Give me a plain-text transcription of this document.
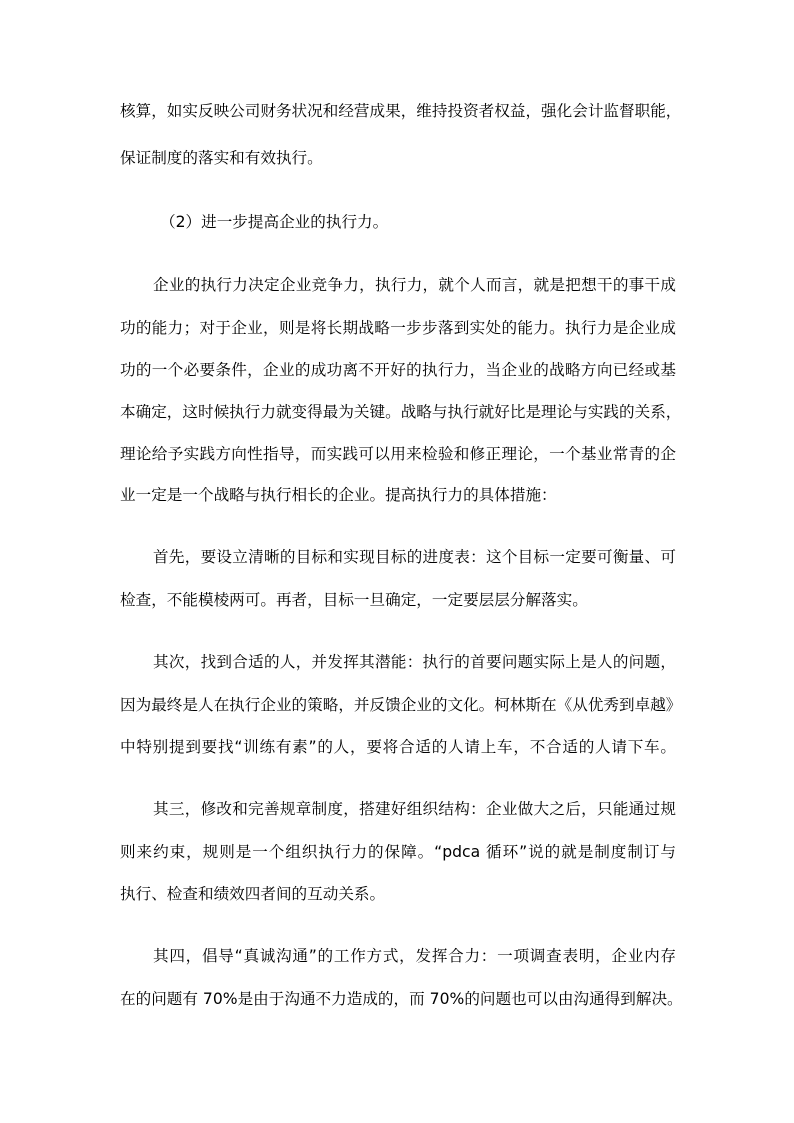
核算，如实反映公司财务状况和经营成果，维持投资者权益，强化会计监督职能，
保证制度的落实和有效执行。
（2）进一步提高企业的执行力。
企业的执行力决定企业竞争力，执行力，就个人而言，就是把想干的事干成
功的能力；对于企业，则是将长期战略一步步落到实处的能力。执行力是企业成
功的一个必要条件，企业的成功离不开好的执行力，当企业的战略方向已经或基
本确定，这时候执行力就变得最为关键。战略与执行就好比是理论与实践的关系，
理论给予实践方向性指导，而实践可以用来检验和修正理论，一个基业常青的企
业一定是一个战略与执行相长的企业。提高执行力的具体措施：
首先，要设立清晰的目标和实现目标的进度表：这个目标一定要可衡量、可
检查，不能模棱两可。再者，目标一旦确定，一定要层层分解落实。
其次，找到合适的人，并发挥其潜能：执行的首要问题实际上是人的问题，
因为最终是人在执行企业的策略，并反馈企业的文化。柯林斯在《从优秀到卓越》
中特别提到要找“训练有素”的人，要将合适的人请上车，不合适的人请下车。
其三，修改和完善规章制度，搭建好组织结构：企业做大之后，只能通过规
则来约束，规则是一个组织执行力的保障。“pdca 循环”说的就是制度制订与
执行、检查和绩效四者间的互动关系。
其四，倡导“真诚沟通”的工作方式，发挥合力：一项调查表明，企业内存
在的问题有 70%是由于沟通不力造成的，而 70%的问题也可以由沟通得到解决。
